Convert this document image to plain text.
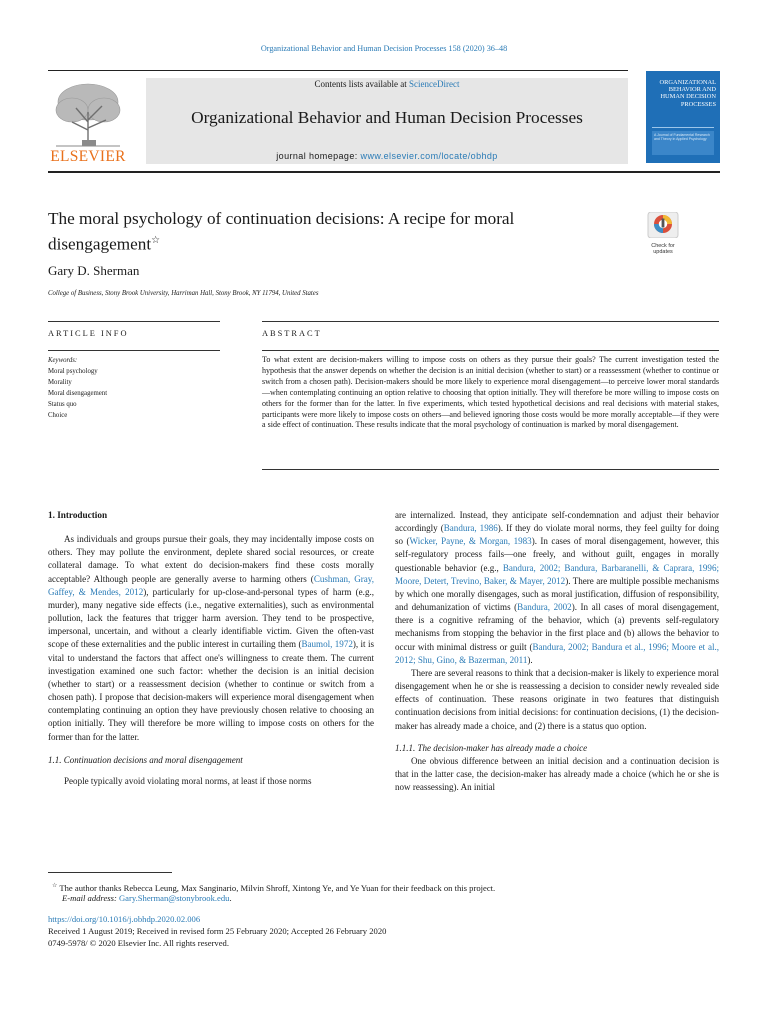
Organizational Behavior and Human Decision Processes 158 (2020) 36–48
ELSEVIER
Contents lists available at ScienceDirect
Organizational Behavior and Human Decision Processes
journal homepage: www.elsevier.com/locate/obhdp
ORGANIZATIONAL BEHAVIOR AND HUMAN DECISION PROCESSES
A Journal of Fundamental Research and Theory in Applied Psychology
The moral psychology of continuation decisions: A recipe for moral
disengagement☆	Check for updates
Gary D. Sherman
College of Business, Stony Brook University, Harriman Hall, Stony Brook, NY 11794, United States
ARTICLE INFO	ABSTRACT
Keywords:
Moral psychology
Morality
Moral disengagement
Status quo
Choice
To what extent are decision-makers willing to impose costs on others as they pursue their goals? The current investigation tested the hypothesis that the answer depends on whether the decision is an initial decision (whether to start) or a reassessment (whether to continue or switch from a chosen path). Decision-makers should be more likely to experience moral disengagement—to perceive lower moral standards—when contemplating continuing an option relative to choosing that option initially. They will therefore be more willing to impose costs on others for the former than for the latter. In five experiments, which tested hypothetical decisions and real decisions with material stakes, participants were more likely to impose costs on others—and believed ignoring those costs would be more morally acceptable—if they were a side effect of continuation. These results indicate that the moral psychology of continuation is marked by moral disengagement.

1. Introduction

As individuals and groups pursue their goals, they may incidentally impose costs on others. They may pollute the environment, deplete shared social resources, or create collateral damage. To what extent do decision-makers find these costs morally acceptable? Although people are generally averse to harming others (Cushman, Gray, Gaffey, & Mendes, 2012), particularly for up-close-and-personal types of harm (e.g., murder), many negative side effects (i.e., negative externalities), such as environmental pollution, lack the features that trigger harm aversion. They tend to be prospective, impersonal, uncertain, and without a clearly identifiable victim. Given the often-vast scope of these externalities and the public interest in curtailing them (Baumol, 1972), it is vital to understand the factors that affect one's willingness to create them. The current investigation examined one such factor: whether the decision is an initial decision (whether to start) or a reassessment decision (whether to continue or switch from a chosen path). I propose that decision-makers will experience moral disengagement when contemplating continuing an option they have previously chosen relative to choosing an option initially. They will therefore be more willing to impose costs on others for the former than for the latter.

1.1. Continuation decisions and moral disengagement

People typically avoid violating moral norms, at least if those norms

are internalized. Instead, they anticipate self-condemnation and adjust their behavior accordingly (Bandura, 1986). If they do violate moral norms, they feel guilty for doing so (Wicker, Payne, & Morgan, 1983). In cases of moral disengagement, however, this self-regulatory process fails—one freely, and without guilt, engages in morally questionable behavior (e.g., Bandura, 2002; Bandura, Barbaranelli, & Caprara, 1996; Moore, Detert, Trevino, Baker, & Mayer, 2012). There are multiple possible mechanisms by which one morally disengages, such as moral justification, diffusion of responsibility, and dehumanization of victims (Bandura, 2002). In all cases of moral disengagement, there is a cognitive reframing of the behavior, which (a) prevents self-regulatory mechanisms from stopping the behavior in the first place and (b) allows the behavior to occur with minimal distress or guilt (Bandura, 2002; Bandura et al., 1996; Moore et al., 2012; Shu, Gino, & Bazerman, 2011).

There are several reasons to think that a decision-maker is likely to experience moral disengagement when he or she is reassessing a decision to consider newly revealed side effects of continuation. These reasons originate in two features that distinguish continuation decisions from initial decisions: for continuation decisions, (1) the decision-maker has already made a choice, and (2) there is a status quo option.

1.1.1. The decision-maker has already made a choice

One obvious difference between an initial decision and a continuation decision is that in the latter case, the decision-maker has already made a choice (which he or she is now reassessing). An initial

☆ The author thanks Rebecca Leung, Max Sanginario, Milvin Shroff, Xintong Ye, and Ye Yuan for their feedback on this project.
E-mail address: Gary.Sherman@stonybrook.edu.
https://doi.org/10.1016/j.obhdp.2020.02.006
Received 1 August 2019; Received in revised form 25 February 2020; Accepted 26 February 2020
0749-5978/ © 2020 Elsevier Inc. All rights reserved.
